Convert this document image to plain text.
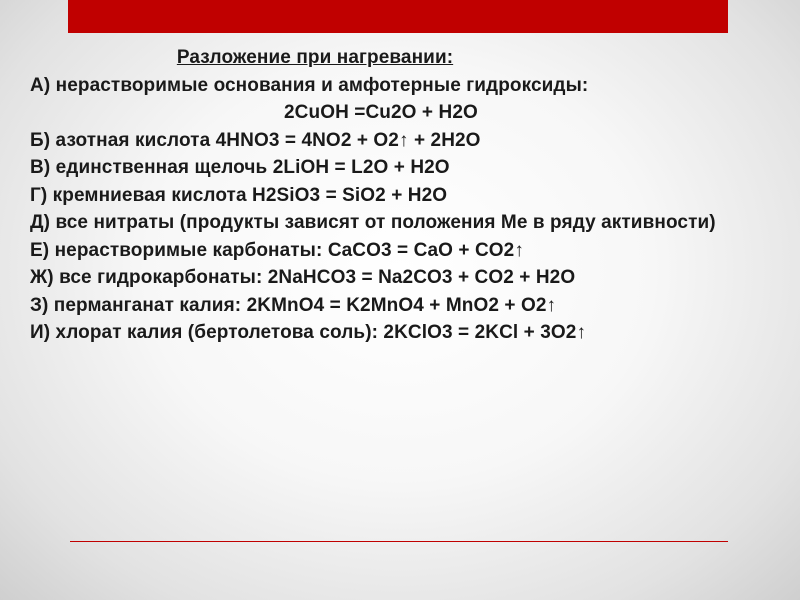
Разложение при нагревании:
А) нерастворимые основания и амфотерные гидроксиды:
2CuOH =Cu2O + H2O
Б) азотная кислота 4HNO3 = 4NO2 + O2↑ + 2H2O
В) единственная щелочь 2LiOH = L2O + H2O
Г) кремниевая кислота H2SiO3 = SiO2 + H2O
Д) все нитраты (продукты зависят от положения Ме в ряду активности)
Е) нерастворимые карбонаты: CaCO3 = CaO + CO2↑
Ж) все гидрокарбонаты: 2NaHCO3 = Na2CO3 + CO2 + H2O
З) перманганат калия: 2KMnO4 = K2MnO4 + MnO2 + O2↑
И) хлорат калия (бертолетова соль): 2KClO3 = 2KCl + 3O2↑
